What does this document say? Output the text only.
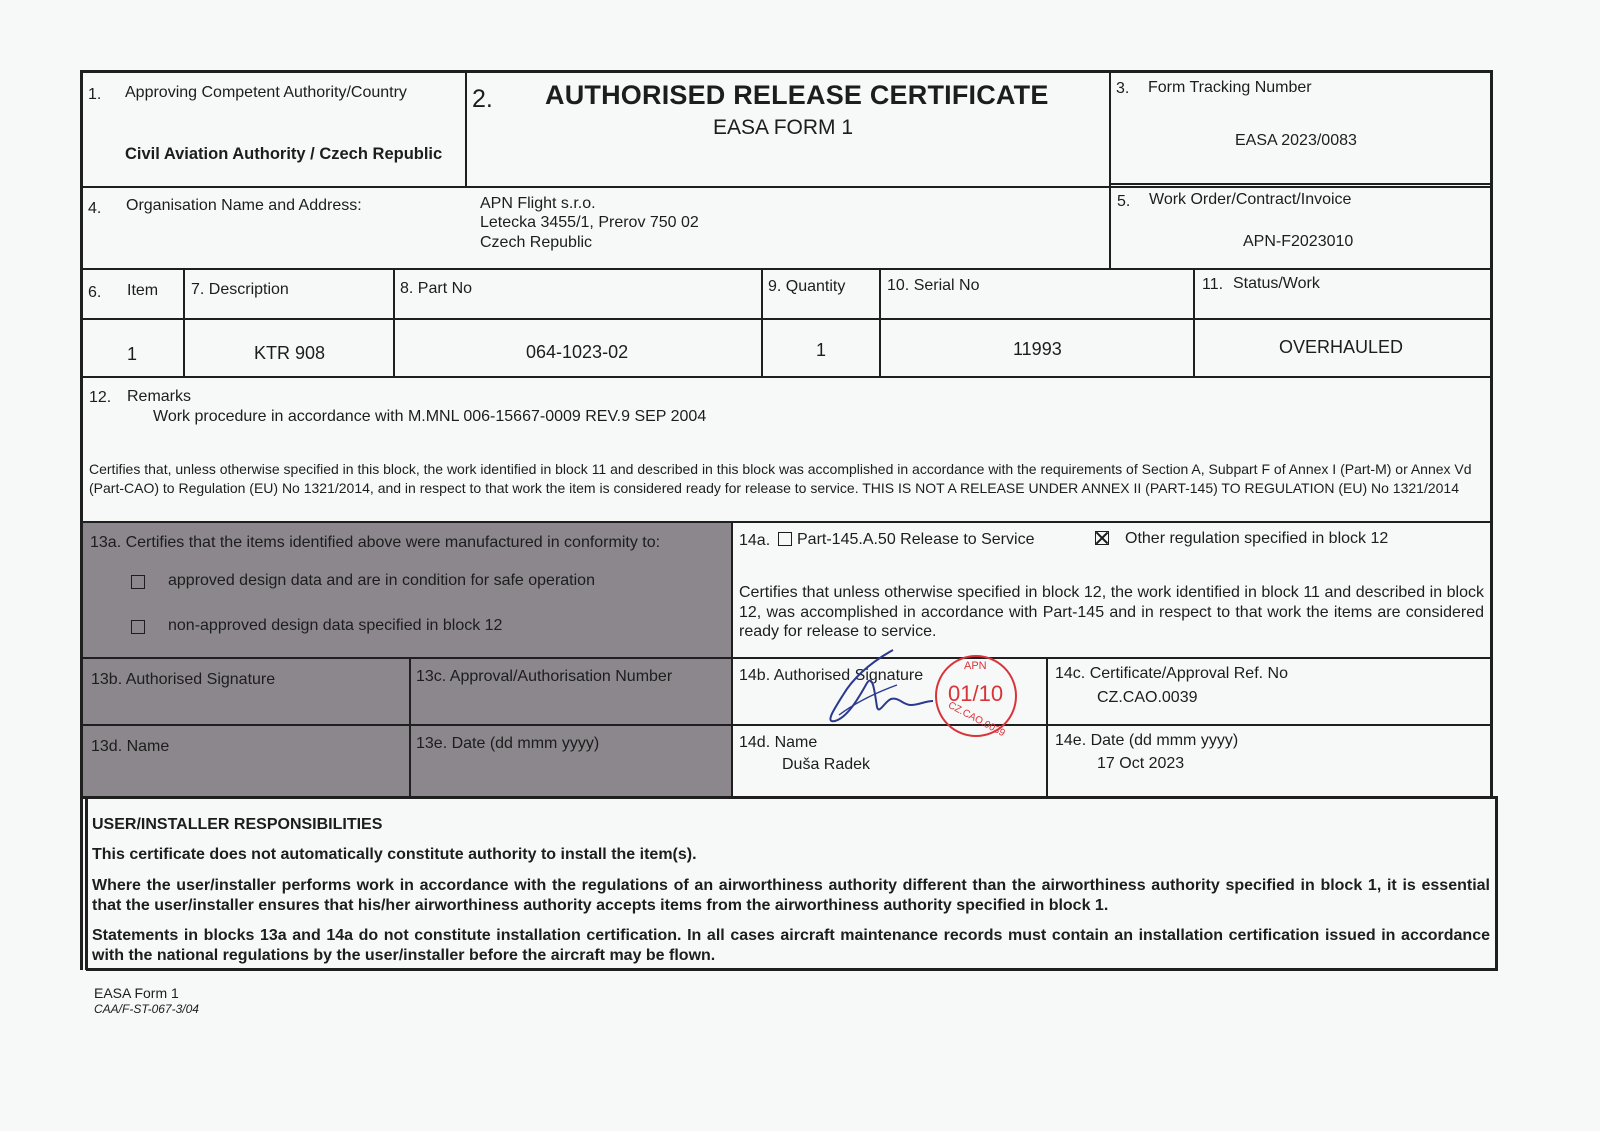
1. Approving Competent Authority/Country
Civil Aviation Authority / Czech Republic
2. AUTHORISED RELEASE CERTIFICATE
EASA FORM 1
3. Form Tracking Number
EASA 2023/0083
4. Organisation Name and Address:	APN Flight s.r.o.
Letecka 3455/1, Prerov 750 02
Czech Republic
5. Work Order/Contract/Invoice
APN-F2023010
6. Item 7. Description	8. Part No	9. Quantity	10. Serial No	11. Status/Work
1	KTR 908	064-1023-02	1	11993	OVERHAULED
12. Remarks
Work procedure in accordance with M.MNL 006-15667-0009 REV.9 SEP 2004
Certifies that, unless otherwise specified in this block, the work identified in block 11 and described in this block was accomplished in accordance with the requirements of Section A, Subpart F of Annex I (Part-M) or Annex Vd (Part-CAO) to Regulation (EU) No 1321/2014, and in respect to that work the item is considered ready for release to service. THIS IS NOT A RELEASE UNDER ANNEX II (PART-145) TO REGULATION (EU) No 1321/2014
13a. Certifies that the items identified above were manufactured in conformity to:
approved design data and are in condition for safe operation
non-approved design data specified in block 12
14a. Part-145.A.50 Release to Service	Other regulation specified in block 12
Certifies that unless otherwise specified in block 12, the work identified in block 11 and described in block 12, was accomplished in accordance with Part-145 and in respect to that work the items are considered ready for release to service.
13b. Authorised Signature	13c. Approval/Authorisation Number
13d. Name	13e. Date (dd mmm yyyy)
14b. Authorised Signature
APN
01/10
CZ.CAO.0039
14c. Certificate/Approval Ref. No
CZ.CAO.0039
14d. Name
Duša Radek
14e. Date (dd mmm yyyy)
17 Oct 2023

USER/INSTALLER RESPONSIBILITIES

This certificate does not automatically constitute authority to install the item(s).

Where the user/installer performs work in accordance with the regulations of an airworthiness authority different than the airworthiness authority specified in block 1, it is essential that the user/installer ensures that his/her airworthiness authority accepts items from the airworthiness authority specified in block 1.

Statements in blocks 13a and 14a do not constitute installation certification. In all cases aircraft maintenance records must contain an installation certification issued in accordance with the national regulations by the user/installer before the aircraft may be flown.

EASA Form 1
CAA/F-ST-067-3/04
